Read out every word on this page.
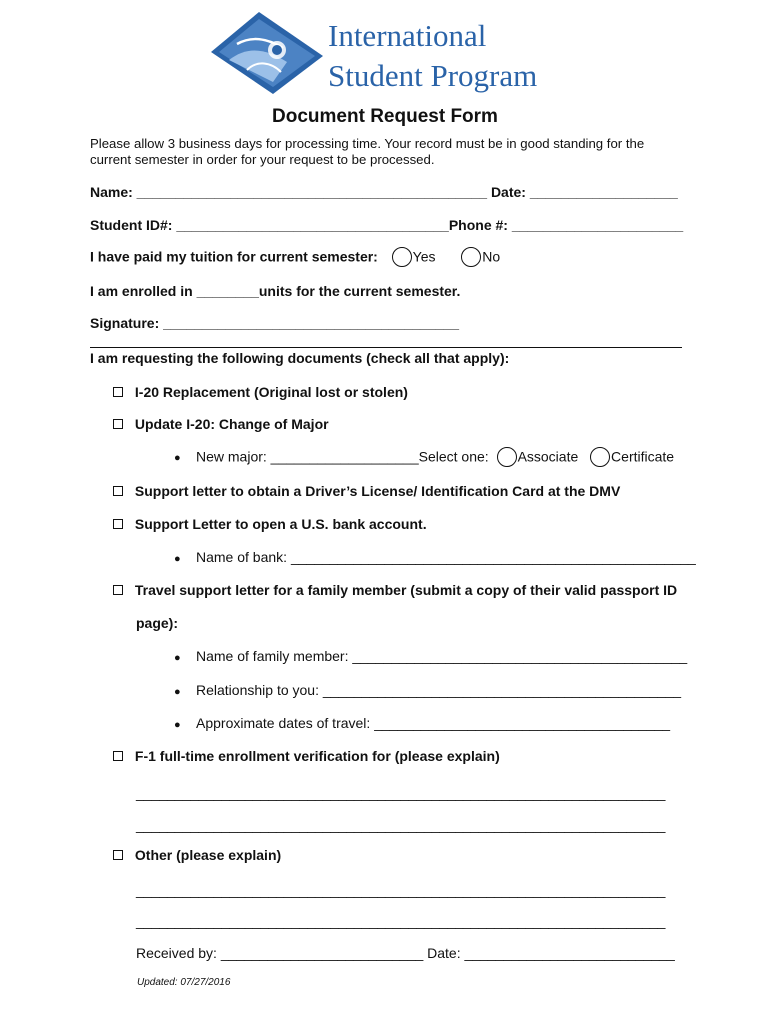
International
Student Program
Document Request Form
Please allow 3 business days for processing time. Your record must be in good standing for the
current semester in order for your request to be processed.
Name: _____________________________________________ Date: ___________________
Student ID#: ___________________________________Phone #: ______________________
I have paid my tuition for current semester: Yes	No
I am enrolled in ________units for the current semester.
Signature: ______________________________________
I am requesting the following documents (check all that apply):
I-20 Replacement (Original lost or stolen)
Update I-20: Change of Major
● New major: ___________________Select one: Associate Certificate
Support letter to obtain a Driver’s License/ Identification Card at the DMV
Support Letter to open a U.S. bank account.
● Name of bank: ____________________________________________________
Travel support letter for a family member (submit a copy of their valid passport ID
page):
● Name of family member: ___________________________________________
● Relationship to you: ______________________________________________
● Approximate dates of travel: ______________________________________
F-1 full-time enrollment verification for (please explain)
____________________________________________________________________
____________________________________________________________________
Other (please explain)
____________________________________________________________________
____________________________________________________________________
Received by: __________________________ Date: ___________________________
Updated: 07/27/2016
